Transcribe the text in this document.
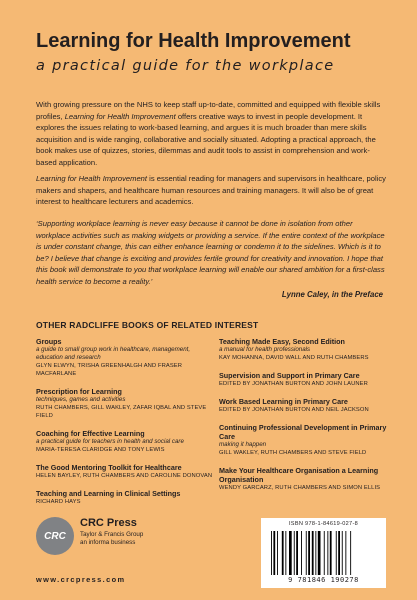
Learning for Health Improvement
a practical guide for the workplace
With growing pressure on the NHS to keep staff up-to-date, committed and equipped with flexible skills profiles, Learning for Health Improvement offers creative ways to invest in people development. It explores the issues relating to work-based learning, and argues it is much broader than mere skills acquisition and is wide ranging, collaborative and socially situated. Adopting a practical approach, the book makes use of quizzes, stories, dilemmas and audit tools to assist in comprehension and work-based application.
Learning for Health Improvement is essential reading for managers and supervisors in healthcare, policy makers and shapers, and healthcare human resources and training managers. It will also be of great interest to healthcare lecturers and academics.
‘Supporting workplace learning is never easy because it cannot be done in isolation from other workplace activities such as making widgets or providing a service. If the entire context of the workplace is under constant change, this can either enhance learning or condemn it to the sidelines. Which is it to be? I believe that change is exciting and provides fertile ground for creativity and innovation. I hope that this book will demonstrate to you that workplace learning will enable our shared ambition for a first-class health service to become a reality.’
Lynne Caley, in the Preface
OTHER RADCLIFFE BOOKS OF RELATED INTEREST
Groups
a guide to small group work in healthcare, management, education and research
GLYN ELWYN, TRISHA GREENHALGH AND FRASER MACFARLANE
Prescription for Learning
techniques, games and activities
RUTH CHAMBERS, GILL WAKLEY, ZAFAR IQBAL AND STEVE FIELD
Coaching for Effective Learning
a practical guide for teachers in health and social care
MARIA-TERESA CLARIDGE AND TONY LEWIS
The Good Mentoring Toolkit for Healthcare
HELEN BAYLEY, RUTH CHAMBERS AND CAROLINE DONOVAN
Teaching and Learning in Clinical Settings
RICHARD HAYS
Teaching Made Easy, Second Edition
a manual for health professionals
KAY MOHANNA, DAVID WALL AND RUTH CHAMBERS
Supervision and Support in Primary Care
EDITED BY JONATHAN BURTON AND JOHN LAUNER
Work Based Learning in Primary Care
EDITED BY JONATHAN BURTON AND NEIL JACKSON
Continuing Professional Development in Primary Care
making it happen
GILL WAKLEY, RUTH CHAMBERS AND STEVE FIELD
Make Your Healthcare Organisation a Learning Organisation
WENDY GARCARZ, RUTH CHAMBERS AND SIMON ELLIS
CRC
CRC Press
Taylor & Francis Group
an informa business
www.crcpress.com
ISBN 978-1-84619-027-8
9 781846 190278
